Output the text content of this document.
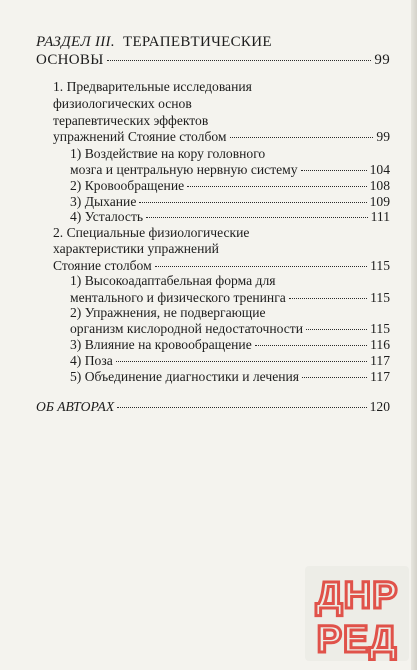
РАЗДЕЛ III. ТЕРАПЕВТИЧЕСКИЕ
ОСНОВЫ	99
1. Предварительные исследования
физиологических основ
терапевтических эффектов
упражнений Стояние столбом	99
1) Воздействие на кору головного
мозга и центральную нервную систему	104
2) Кровообращение	108
3) Дыхание	109
4) Усталость	111
2. Специальные физиологические
характеристики упражнений
Стояние столбом	115
1) Высокоадаптабельная форма для
ментального и физического тренинга	115
2) Упражнения, не подвергающие
организм кислородной недостаточности	115
3) Влияние на кровообращение	116
4) Поза	117
5) Объединение диагностики и лечения	117
ОБ АВТОРАХ	120
ДНР
РЕД
